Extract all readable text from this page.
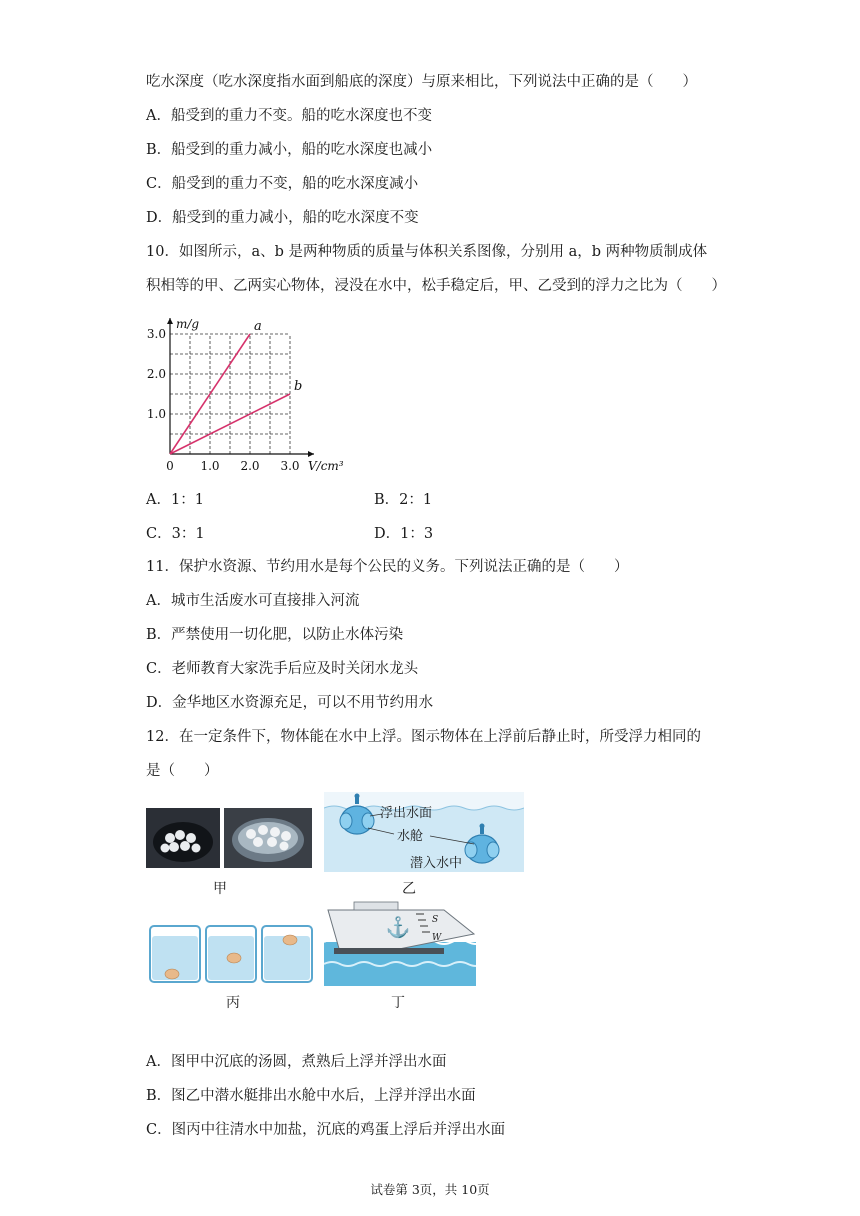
吃水深度（吃水深度指水面到船底的深度）与原来相比，下列说法中正确的是（　　）
A．船受到的重力不变。船的吃水深度也不变
B．船受到的重力减小，船的吃水深度也减小
C．船受到的重力不变，船的吃水深度减小
D．船受到的重力减小，船的吃水深度不变
10．如图所示，a、b 是两种物质的质量与体积关系图像，分别用 a，b 两种物质制成体
积相等的甲、乙两实心物体，浸没在水中，松手稳定后，甲、乙受到的浮力之比为（　　）
1.0 2.0 3.0
1.0
2.0
3.0
0	V/cm³
m/g	a
b
A．1：1	B．2：1
C．3：1	D．1：3
11．保护水资源、节约用水是每个公民的义务。下列说法正确的是（　　）
A．城市生活废水可直接排入河流
B．严禁使用一切化肥，以防止水体污染
C．老师教育大家洗手后应及时关闭水龙头
D．金华地区水资源充足，可以不用节约用水
12．在一定条件下，物体能在水中上浮。图示物体在上浮前后静止时，所受浮力相同的
是（　　）
甲
浮出水面
水舱
潜入水中
乙
丙
⚓ S
W
丁
A．图甲中沉底的汤圆，煮熟后上浮并浮出水面
B．图乙中潜水艇排出水舱中水后，上浮并浮出水面
C．图丙中往清水中加盐，沉底的鸡蛋上浮后并浮出水面
试卷第 3页，共 10页
